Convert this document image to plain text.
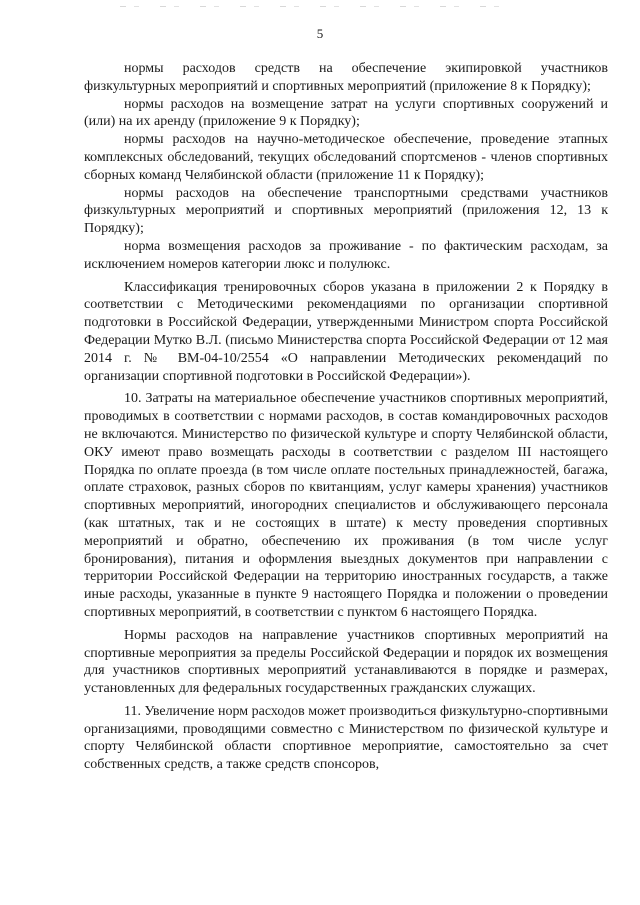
5

нормы расходов средств на обеспечение экипировкой участников физкультурных мероприятий и спортивных мероприятий (приложение 8 к Порядку);

нормы расходов на возмещение затрат на услуги спортивных сооружений и (или) на их аренду (приложение 9 к Порядку);

нормы расходов на научно-методическое обеспечение, проведение этапных комплексных обследований, текущих обследований спортсменов - членов спортивных сборных команд Челябинской области (приложение 11 к Порядку);

нормы расходов на обеспечение транспортными средствами участников физкультурных мероприятий и спортивных мероприятий (приложения 12, 13 к Порядку);

норма возмещения расходов за проживание - по фактическим расходам, за исключением номеров категории люкс и полулюкс.

Классификация тренировочных сборов указана в приложении 2 к Порядку в соответствии с Методическими рекомендациями по организации спортивной подготовки в Российской Федерации, утвержденными Министром спорта Российской Федерации Мутко В.Л. (письмо Министерства спорта Российской Федерации от 12 мая 2014 г. № ВМ-04-10/2554 «О направлении Методических рекомендаций по организации спортивной подготовки в Российской Федерации»).

10. Затраты на материальное обеспечение участников спортивных мероприятий, проводимых в соответствии с нормами расходов, в состав командировочных расходов не включаются. Министерство по физической культуре и спорту Челябинской области, ОКУ имеют право возмещать расходы в соответствии с разделом III настоящего Порядка по оплате проезда (в том числе оплате постельных принадлежностей, багажа, оплате страховок, разных сборов по квитанциям, услуг камеры хранения) участников спортивных мероприятий, иногородних специалистов и обслуживающего персонала (как штатных, так и не состоящих в штате) к месту проведения спортивных мероприятий и обратно, обеспечению их проживания (в том числе услуг бронирования), питания и оформления выездных документов при направлении с территории Российской Федерации на территорию иностранных государств, а также иные расходы, указанные в пункте 9 настоящего Порядка и положении о проведении спортивных мероприятий, в соответствии с пунктом 6 настоящего Порядка.

Нормы расходов на направление участников спортивных мероприятий на спортивные мероприятия за пределы Российской Федерации и порядок их возмещения для участников спортивных мероприятий устанавливаются в порядке и размерах, установленных для федеральных государственных гражданских служащих.

11. Увеличение норм расходов может производиться физкультурно-спортивными организациями, проводящими совместно с Министерством по физической культуре и спорту Челябинской области спортивное мероприятие, самостоятельно за счет собственных средств, а также средств спонсоров,
